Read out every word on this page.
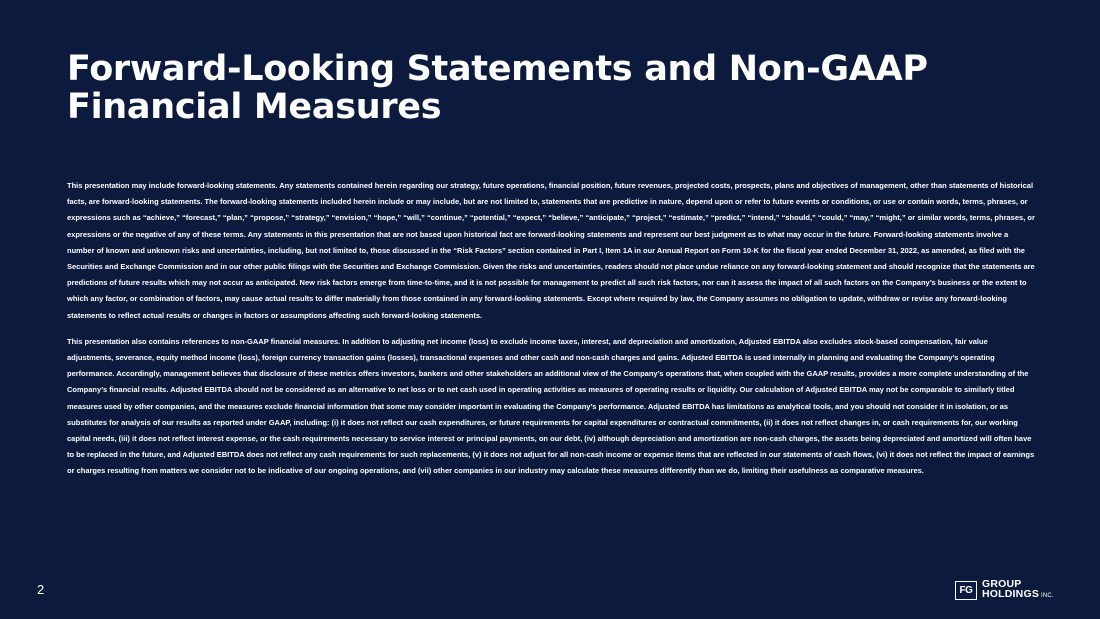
Forward-Looking Statements and Non-GAAP Financial Measures

This presentation may include forward-looking statements. Any statements contained herein regarding our strategy, future operations, financial position, future revenues, projected costs, prospects, plans and objectives of management, other than statements of historical facts, are forward-looking statements. The forward-looking statements included herein include or may include, but are not limited to, statements that are predictive in nature, depend upon or refer to future events or conditions, or use or contain words, terms, phrases, or expressions such as “achieve,” “forecast,” “plan,” “propose,” “strategy,” “envision,” “hope,” “will,” “continue,” “potential,” “expect,” “believe,” “anticipate,” “project,” “estimate,” “predict,” “intend,” “should,” “could,” “may,” “might,” or similar words, terms, phrases, or expressions or the negative of any of these terms. Any statements in this presentation that are not based upon historical fact are forward-looking statements and represent our best judgment as to what may occur in the future. Forward-looking statements involve a number of known and unknown risks and uncertainties, including, but not limited to, those discussed in the “Risk Factors” section contained in Part I, Item 1A in our Annual Report on Form 10-K for the fiscal year ended December 31, 2022, as amended, as filed with the Securities and Exchange Commission and in our other public filings with the Securities and Exchange Commission. Given the risks and uncertainties, readers should not place undue reliance on any forward-looking statement and should recognize that the statements are predictions of future results which may not occur as anticipated. New risk factors emerge from time-to-time, and it is not possible for management to predict all such risk factors, nor can it assess the impact of all such factors on the Company’s business or the extent to which any factor, or combination of factors, may cause actual results to differ materially from those contained in any forward-looking statements. Except where required by law, the Company assumes no obligation to update, withdraw or revise any forward-looking statements to reflect actual results or changes in factors or assumptions affecting such forward-looking statements.

This presentation also contains references to non-GAAP financial measures. In addition to adjusting net income (loss) to exclude income taxes, interest, and depreciation and amortization, Adjusted EBITDA also excludes stock-based compensation, fair value adjustments, severance, equity method income (loss), foreign currency transaction gains (losses), transactional expenses and other cash and non-cash charges and gains. Adjusted EBITDA is used internally in planning and evaluating the Company’s operating performance. Accordingly, management believes that disclosure of these metrics offers investors, bankers and other stakeholders an additional view of the Company’s operations that, when coupled with the GAAP results, provides a more complete understanding of the Company’s financial results. Adjusted EBITDA should not be considered as an alternative to net loss or to net cash used in operating activities as measures of operating results or liquidity. Our calculation of Adjusted EBITDA may not be comparable to similarly titled measures used by other companies, and the measures exclude financial information that some may consider important in evaluating the Company’s performance. Adjusted EBITDA has limitations as analytical tools, and you should not consider it in isolation, or as substitutes for analysis of our results as reported under GAAP, including: (i) it does not reflect our cash expenditures, or future requirements for capital expenditures or contractual commitments, (ii) it does not reflect changes in, or cash requirements for, our working capital needs, (iii) it does not reflect interest expense, or the cash requirements necessary to service interest or principal payments, on our debt, (iv) although depreciation and amortization are non-cash charges, the assets being depreciated and amortized will often have to be replaced in the future, and Adjusted EBITDA does not reflect any cash requirements for such replacements, (v) it does not adjust for all non-cash income or expense items that are reflected in our statements of cash flows, (vi) it does not reflect the impact of earnings or charges resulting from matters we consider not to be indicative of our ongoing operations, and (vii) other companies in our industry may calculate these measures differently than we do, limiting their usefulness as comparative measures.

2	FG GROUP
HOLDINGS INC.
